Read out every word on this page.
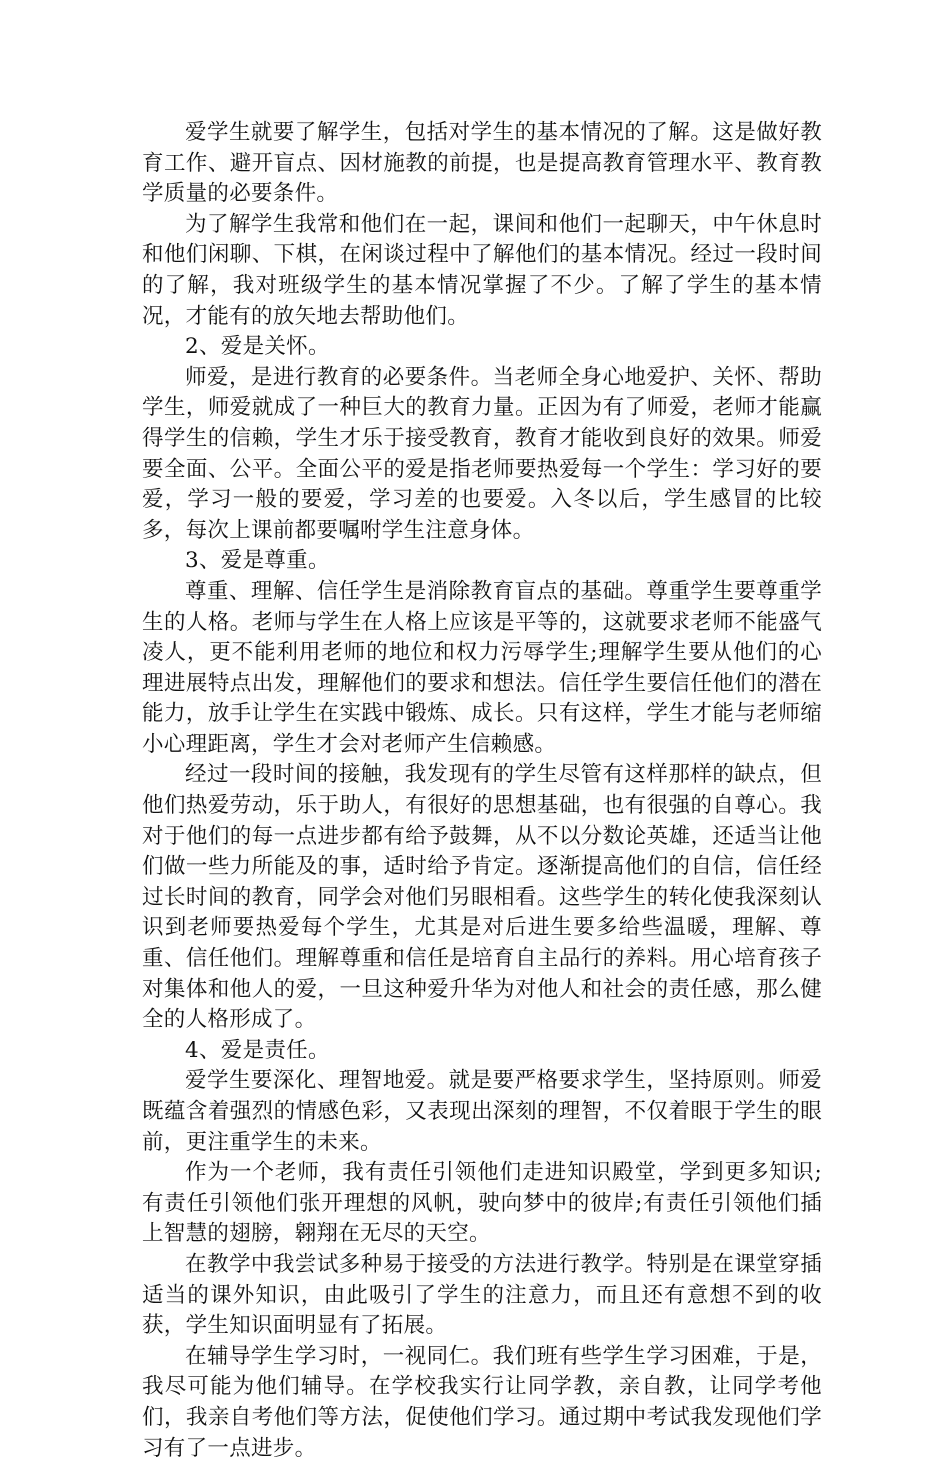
爱学生就要了解学生，包括对学生的基本情况的了解。这是做好教育工作、避开盲点、因材施教的前提，也是提高教育管理水平、教育教学质量的必要条件。

为了解学生我常和他们在一起，课间和他们一起聊天，中午休息时和他们闲聊、下棋，在闲谈过程中了解他们的基本情况。经过一段时间的了解，我对班级学生的基本情况掌握了不少。了解了学生的基本情况，才能有的放矢地去帮助他们。

2、爱是关怀。

师爱，是进行教育的必要条件。当老师全身心地爱护、关怀、帮助学生，师爱就成了一种巨大的教育力量。正因为有了师爱，老师才能赢得学生的信赖，学生才乐于接受教育，教育才能收到良好的效果。师爱要全面、公平。全面公平的爱是指老师要热爱每一个学生：学习好的要爱，学习一般的要爱，学习差的也要爱。入冬以后，学生感冒的比较多，每次上课前都要嘱咐学生注意身体。

3、爱是尊重。

尊重、理解、信任学生是消除教育盲点的基础。尊重学生要尊重学生的人格。老师与学生在人格上应该是平等的，这就要求老师不能盛气凌人，更不能利用老师的地位和权力污辱学生;理解学生要从他们的心理进展特点出发，理解他们的要求和想法。信任学生要信任他们的潜在能力，放手让学生在实践中锻炼、成长。只有这样，学生才能与老师缩小心理距离，学生才会对老师产生信赖感。

经过一段时间的接触，我发现有的学生尽管有这样那样的缺点，但他们热爱劳动，乐于助人，有很好的思想基础，也有很强的自尊心。我对于他们的每一点进步都有给予鼓舞，从不以分数论英雄，还适当让他们做一些力所能及的事，适时给予肯定。逐渐提高他们的自信，信任经过长时间的教育，同学会对他们另眼相看。这些学生的转化使我深刻认识到老师要热爱每个学生，尤其是对后进生要多给些温暖，理解、尊重、信任他们。理解尊重和信任是培育自主品行的养料。用心培育孩子对集体和他人的爱，一旦这种爱升华为对他人和社会的责任感，那么健全的人格形成了。

4、爱是责任。

爱学生要深化、理智地爱。就是要严格要求学生，坚持原则。师爱既蕴含着强烈的情感色彩，又表现出深刻的理智，不仅着眼于学生的眼前，更注重学生的未来。

作为一个老师，我有责任引领他们走进知识殿堂，学到更多知识;有责任引领他们张开理想的风帆，驶向梦中的彼岸;有责任引领他们插上智慧的翅膀，翱翔在无尽的天空。

在教学中我尝试多种易于接受的方法进行教学。特别是在课堂穿插适当的课外知识，由此吸引了学生的注意力，而且还有意想不到的收获，学生知识面明显有了拓展。

在辅导学生学习时，一视同仁。我们班有些学生学习困难，于是，我尽可能为他们辅导。在学校我实行让同学教，亲自教，让同学考他们，我亲自考他们等方法，促使他们学习。通过期中考试我发现他们学习有了一点进步。
